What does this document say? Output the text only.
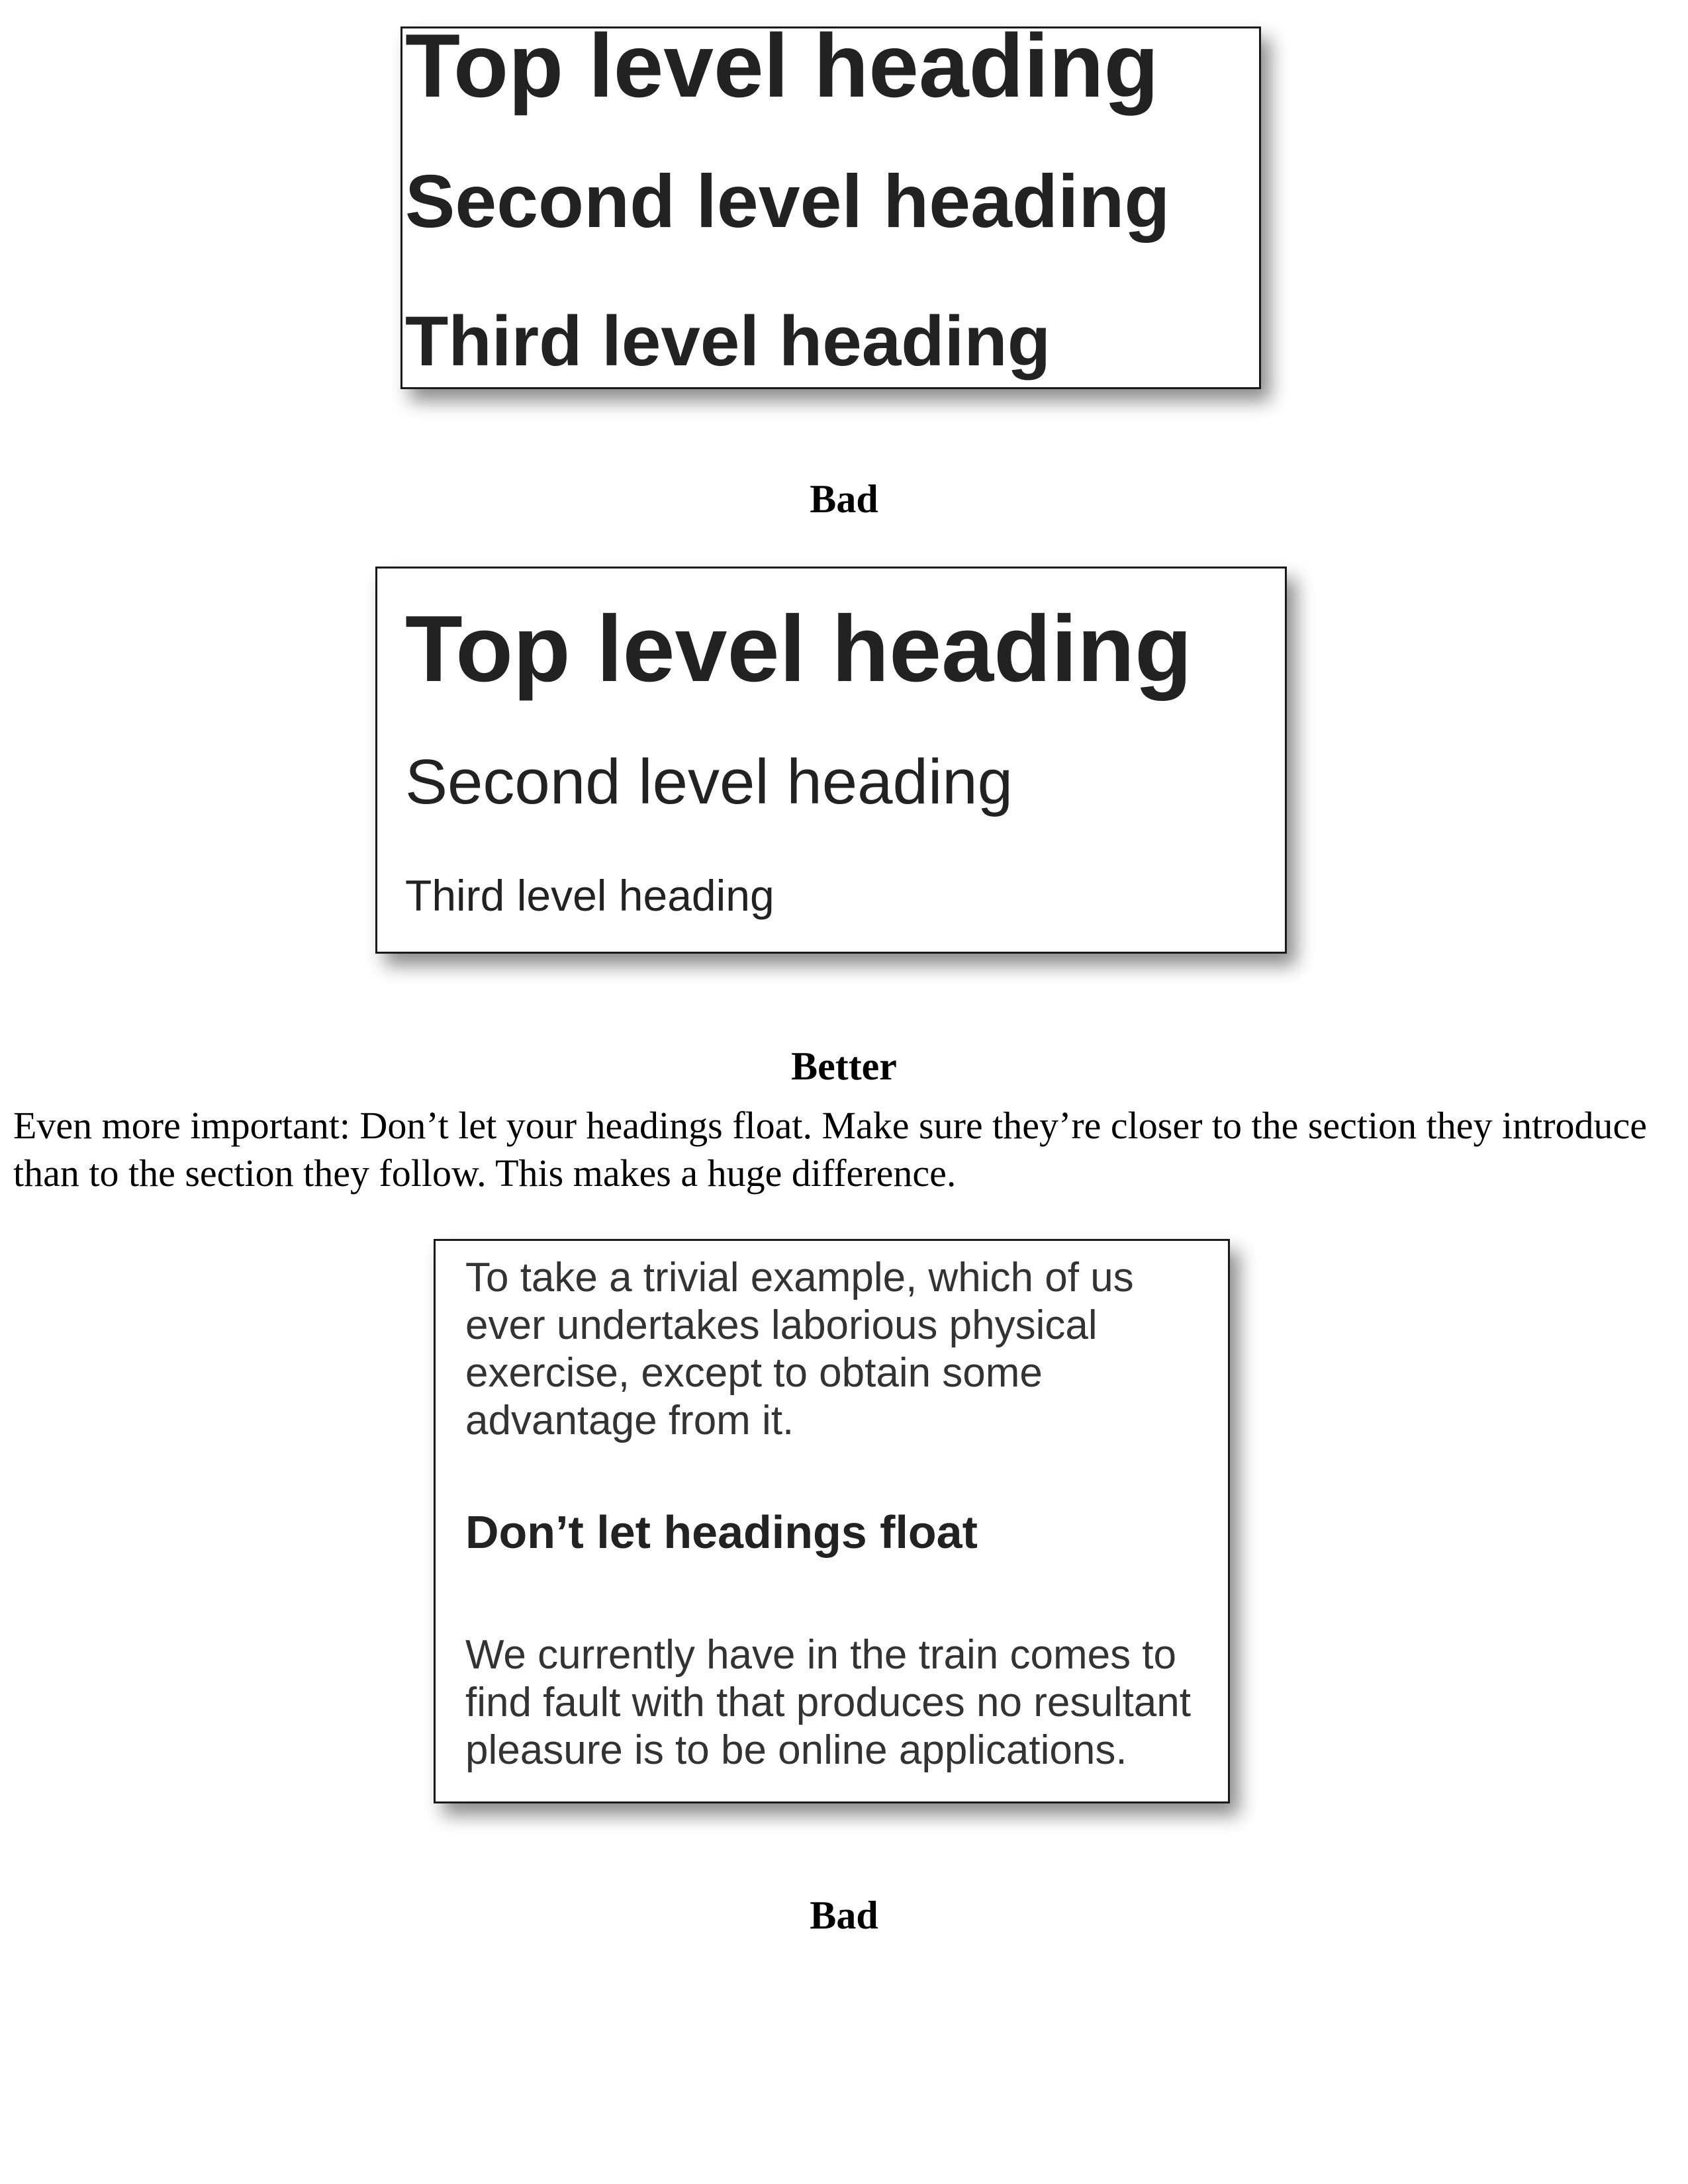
Top level heading

Second level heading

Third level heading

Bad

Top level heading

Second level heading

Third level heading

Better

Even more important: Don’t let your headings float. Make sure they’re closer to the section they introduce than to the section they follow. This makes a huge difference.

To take a trivial example, which of us ever undertakes laborious physical exercise, except to obtain some advantage from it.

Don’t let headings float

We currently have in the train comes to find fault with that produces no resultant pleasure is to be online applications.

Bad
